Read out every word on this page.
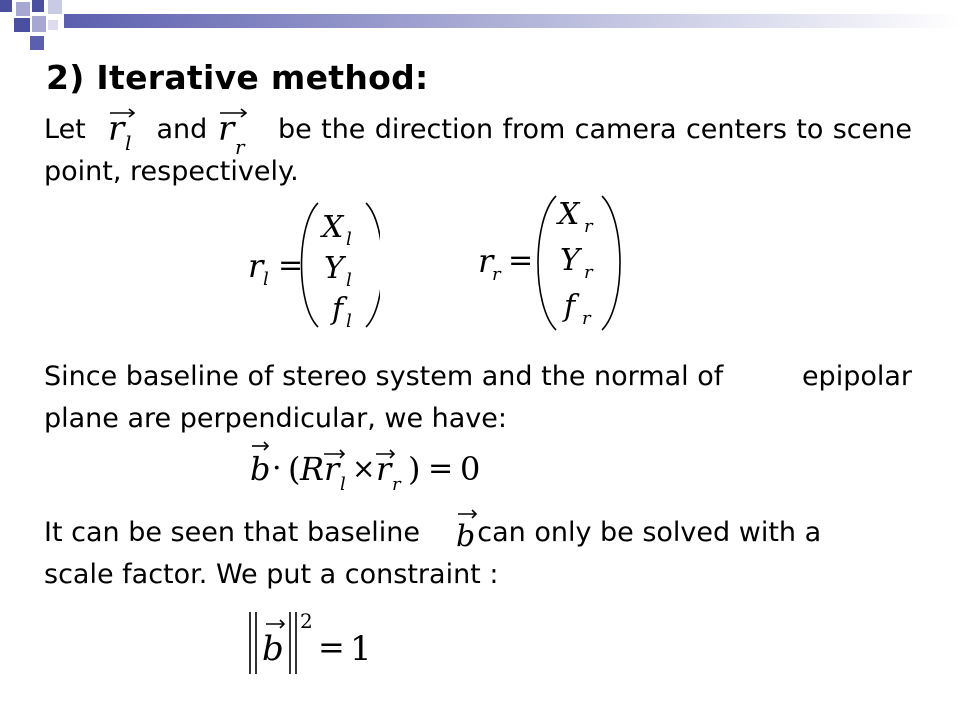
2) Iterative method:
Let	and	be the direction from camera centers to scene
point, respectively.
r l	r r
r l =
X l
Y l
f l
r
r =
X r
Y r
f r
Since baseline of stereo system and the normal of	epipolar
plane are perpendicular, we have:
b · ( R r l × r r ) = 0
It can be seen that baseline can only be solved with a
scale factor. We put a constraint :
b
b
2
= 1
